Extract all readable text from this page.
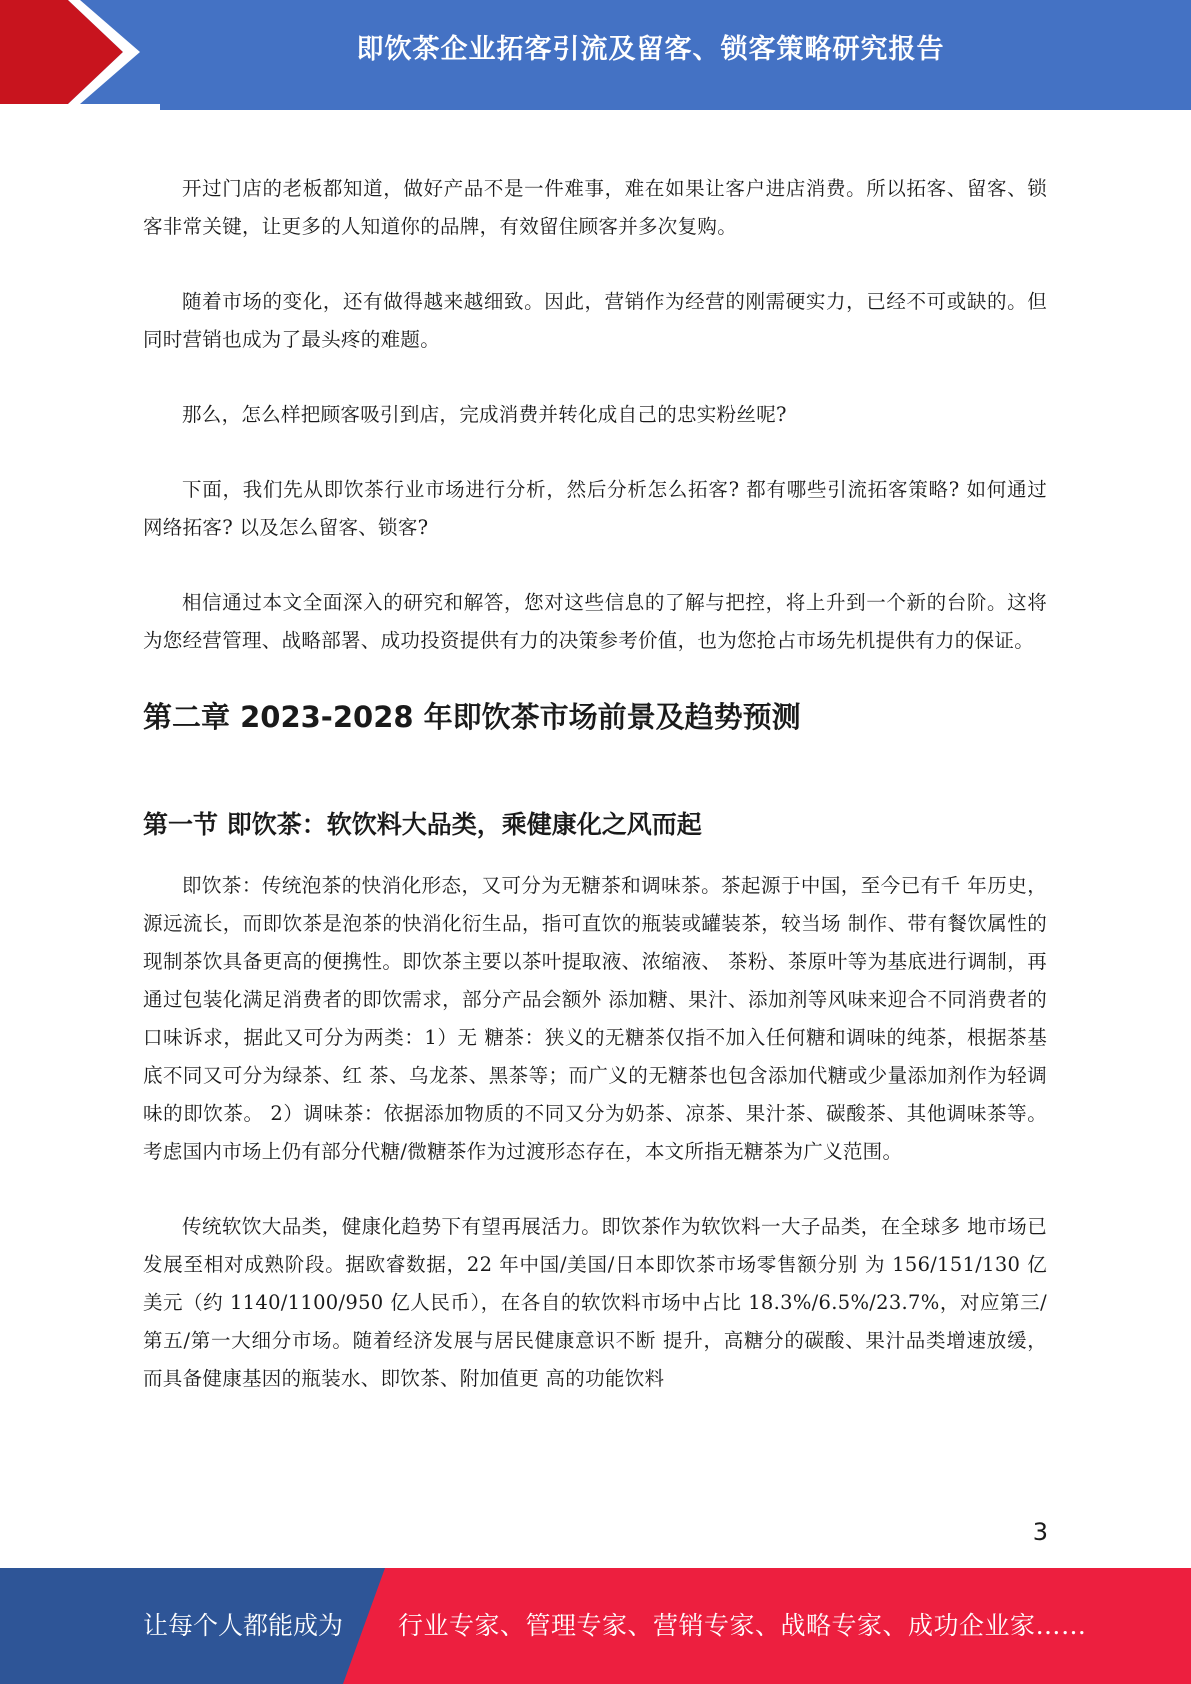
即饮茶企业拓客引流及留客、锁客策略研究报告

开过门店的老板都知道，做好产品不是一件难事，难在如果让客户进店消费。所以拓客、留客、锁客非常关键，让更多的人知道你的品牌，有效留住顾客并多次复购。

随着市场的变化，还有做得越来越细致。因此，营销作为经营的刚需硬实力，已经不可或缺的。但同时营销也成为了最头疼的难题。

那么，怎么样把顾客吸引到店，完成消费并转化成自己的忠实粉丝呢?

下面，我们先从即饮茶行业市场进行分析，然后分析怎么拓客? 都有哪些引流拓客策略? 如何通过网络拓客? 以及怎么留客、锁客?

相信通过本文全面深入的研究和解答，您对这些信息的了解与把控，将上升到一个新的台阶。这将为您经营管理、战略部署、成功投资提供有力的决策参考价值，也为您抢占市场先机提供有力的保证。

第二章 2023-2028 年即饮茶市场前景及趋势预测
第一节 即饮茶：软饮料大品类，乘健康化之风而起

即饮茶：传统泡茶的快消化形态，又可分为无糖茶和调味茶。茶起源于中国，至今已有千 年历史，源远流长，而即饮茶是泡茶的快消化衍生品，指可直饮的瓶装或罐装茶，较当场 制作、带有餐饮属性的现制茶饮具备更高的便携性。即饮茶主要以茶叶提取液、浓缩液、 茶粉、茶原叶等为基底进行调制，再通过包装化满足消费者的即饮需求，部分产品会额外 添加糖、果汁、添加剂等风味来迎合不同消费者的口味诉求，据此又可分为两类：1）无 糖茶：狭义的无糖茶仅指不加入任何糖和调味的纯茶，根据茶基底不同又可分为绿茶、红 茶、乌龙茶、黑茶等；而广义的无糖茶也包含添加代糖或少量添加剂作为轻调味的即饮茶。 2）调味茶：依据添加物质的不同又分为奶茶、凉茶、果汁茶、碳酸茶、其他调味茶等。 考虑国内市场上仍有部分代糖/微糖茶作为过渡形态存在，本文所指无糖茶为广义范围。

传统软饮大品类，健康化趋势下有望再展活力。即饮茶作为软饮料一大子品类，在全球多 地市场已发展至相对成熟阶段。据欧睿数据，22 年中国/美国/日本即饮茶市场零售额分别 为 156/151/130 亿美元（约 1140/1100/950 亿人民币），在各自的软饮料市场中占比 18.3%/6.5%/23.7%，对应第三/第五/第一大细分市场。随着经济发展与居民健康意识不断 提升，高糖分的碳酸、果汁品类增速放缓，而具备健康基因的瓶装水、即饮茶、附加值更 高的功能饮料

3
让每个人都能成为 行业专家、管理专家、营销专家、战略专家、成功企业家……
